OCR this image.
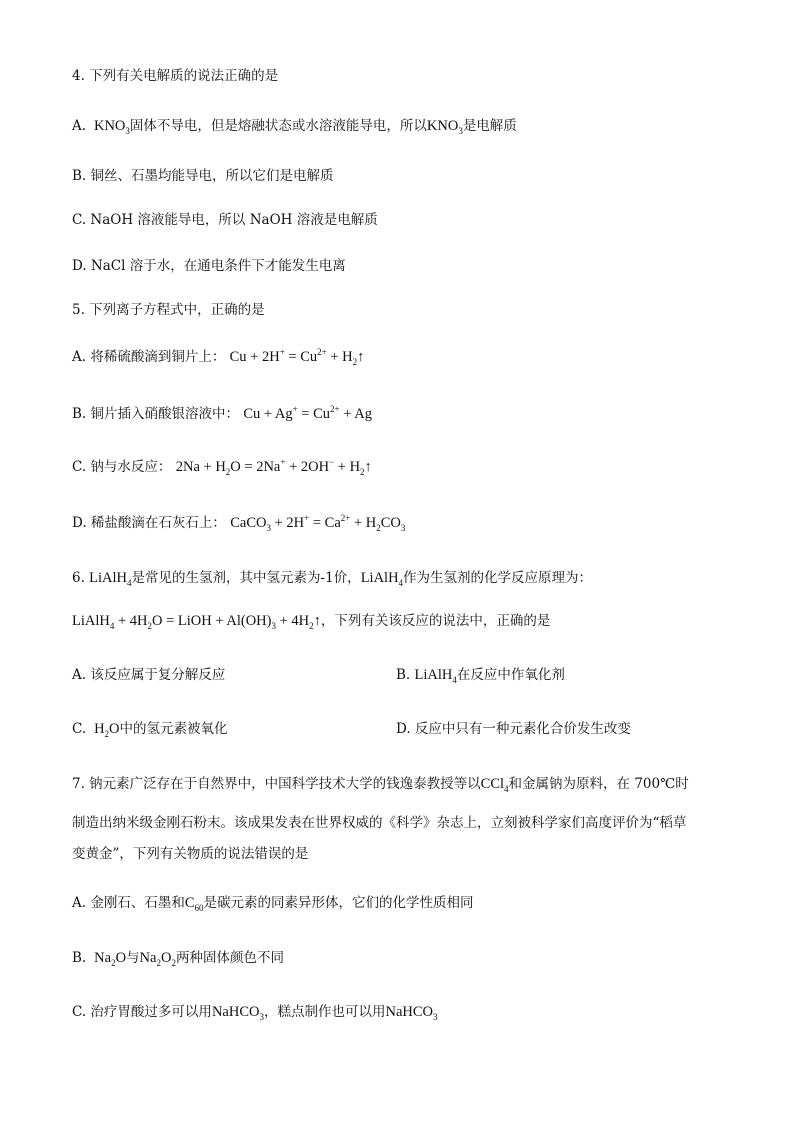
4. 下列有关电解质的说法正确的是
A.  $KNO_3$固体不导电，但是熔融状态或水溶液能导电，所以$KNO_3$是电解质
B. 铜丝、石墨均能导电，所以它们是电解质
C. NaOH 溶液能导电，所以 NaOH 溶液是电解质
D. NaCl 溶于水，在通电条件下才能发生电离
5. 下列离子方程式中，正确的是
A. 将稀硫酸滴到铜片上： $Cu + 2H^+ = Cu^{2+}$ + $H_2↑$
B. 铜片插入硝酸银溶液中： $Cu + Ag^+ = Cu^{2+} + Ag$
C. 钠与水反应： $2Na + H_2O = 2Na^+ + 2OH^-$ + $H_2↑$
D. 稀盐酸滴在石灰石上： CaCO$_3$ + $2H^+ = Ca^{2+} + H_2CO_3$
6. LiAlH$_4$是常见的生氢剂，其中氢元素为-1价，LiAlH$_4$作为生氢剂的化学反应原理为：
LiAlH$_4$ + $4H_2O$ = LiOH + $Al(OH)_3$ + $4H_2↑$，下列有关该反应的说法中，正确的是
A. 该反应属于复分解反应	B. LiAlH$_4$在反应中作氧化剂
C.  $H_2O$中的氢元素被氧化	D. 反应中只有一种元素化合价发生改变
7. 钠元素广泛存在于自然界中，中国科学技术大学的钱逸泰教授等以CCl$_4$和金属钠为原料，在 700℃时
制造出纳米级金刚石粉末。该成果发表在世界权威的《科学》杂志上，立刻被科学家们高度评价为“稻草
变黄金”，下列有关物质的说法错误的是
A. 金刚石、石墨和$C_{60}$是碳元素的同素异形体，它们的化学性质相同
B.  $Na_2O$与$Na_2O_2$两种固体颜色不同
C. 治疗胃酸过多可以用NaHCO$_3$，糕点制作也可以用NaHCO$_3$
